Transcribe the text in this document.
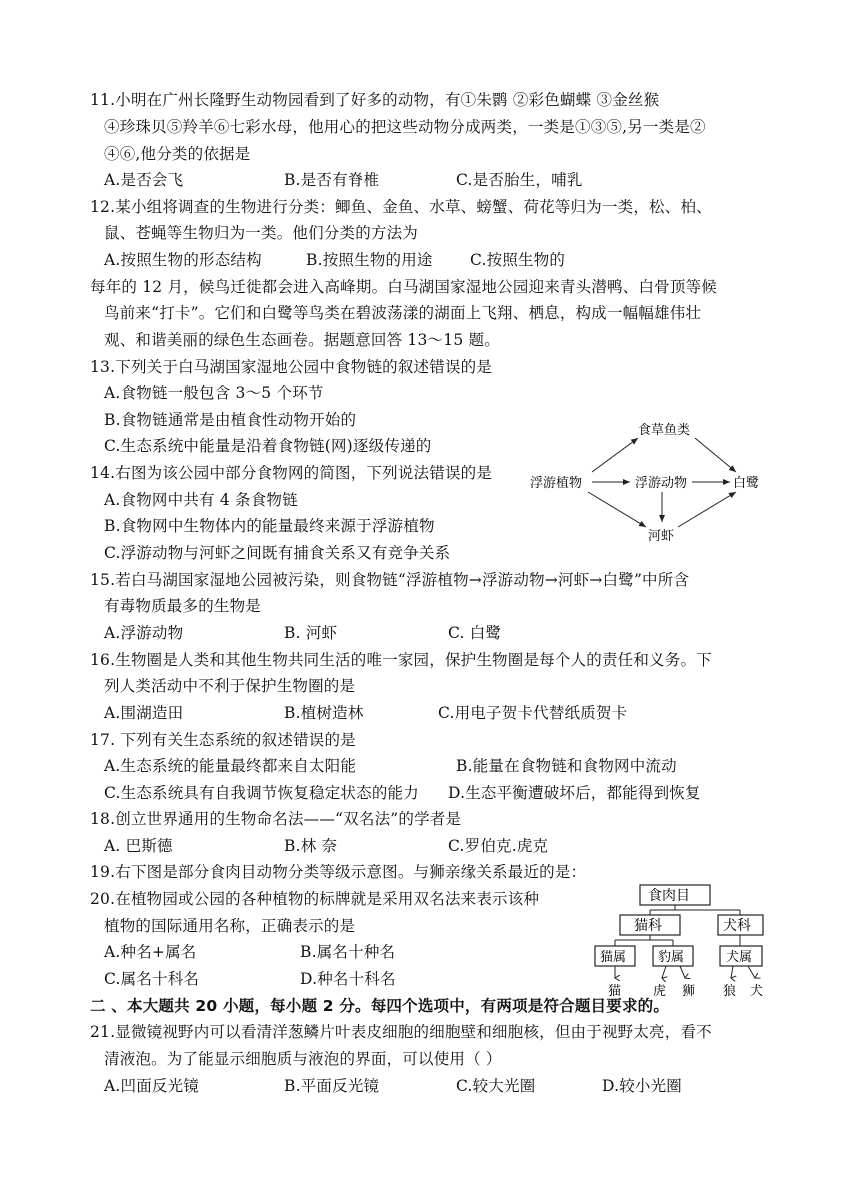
11.小明在广州长隆野生动物园看到了好多的动物，有①朱鹮 ②彩色蝴蝶 ③金丝猴
④珍珠贝⑤羚羊⑥七彩水母，他用心的把这些动物分成两类，一类是①③⑤,另一类是②
④⑥,他分类的依据是
A.是否会飞	B.是否有脊椎	C.是否胎生，哺乳
12.某小组将调查的生物进行分类：鲫鱼、金鱼、水草、螃蟹、荷花等归为一类，松、柏、
鼠、苍蝇等生物归为一类。他们分类的方法为
A.按照生物的形态结构	B.按照生物的用途 C.按照生物的
每年的 12 月，候鸟迁徙都会进入高峰期。白马湖国家湿地公园迎来青头潜鸭、白骨顶等候
鸟前来“打卡”。它们和白鹭等鸟类在碧波荡漾的湖面上飞翔、栖息，构成一幅幅雄伟壮
观、和谐美丽的绿色生态画卷。据题意回答 13～15 题。
13.下列关于白马湖国家湿地公园中食物链的叙述错误的是
A.食物链一般包含 3～5 个环节
B.食物链通常是由植食性动物开始的
C.生态系统中能量是沿着食物链(网)逐级传递的
14.右图为该公园中部分食物网的简图，下列说法错误的是
A.食物网中共有 4 条食物链
B.食物网中生物体内的能量最终来源于浮游植物
C.浮游动物与河虾之间既有捕食关系又有竞争关系
浮游植物
食草鱼类
浮游动物
河虾
白鹭
15.若白马湖国家湿地公园被污染，则食物链“浮游植物→浮游动物→河虾→白鹭”中所含
有毒物质最多的生物是
A.浮游动物	B. 河虾	C. 白鹭
16.生物圈是人类和其他生物共同生活的唯一家园，保护生物圈是每个人的责任和义务。下
列人类活动中不利于保护生物圈的是
A.围湖造田	B.植树造林	C.用电子贺卡代替纸质贺卡
17. 下列有关生态系统的叙述错误的是
A.生态系统的能量最终都来自太阳能	B.能量在食物链和食物网中流动
C.生态系统具有自我调节恢复稳定状态的能力 D.生态平衡遭破坏后，都能得到恢复
18.创立世界通用的生物命名法——“双名法”的学者是
A. 巴斯德	B.林 奈	C.罗伯克.虎克
19.右下图是部分食肉目动物分类等级示意图。与狮亲缘关系最近的是：
20.在植物园或公园的各种植物的标牌就是采用双名法来表示该种
植物的国际通用名称，正确表示的是
A.种名+属名	B.属名十种名
C.属名十科名	D.种名十科名
食肉目
猫科	犬科
猫属 豹属	犬属
猫 虎 狮 狼 犬
二 、本大题共 20 小题，每小题 2 分。每四个选项中，有两项是符合题目要求的。
21.显微镜视野内可以看清洋葱鳞片叶表皮细胞的细胞壁和细胞核，但由于视野太亮，看不
清液泡。为了能显示细胞质与液泡的界面，可以使用（ ）
A.凹面反光镜	B.平面反光镜	C.较大光圈	D.较小光圈
